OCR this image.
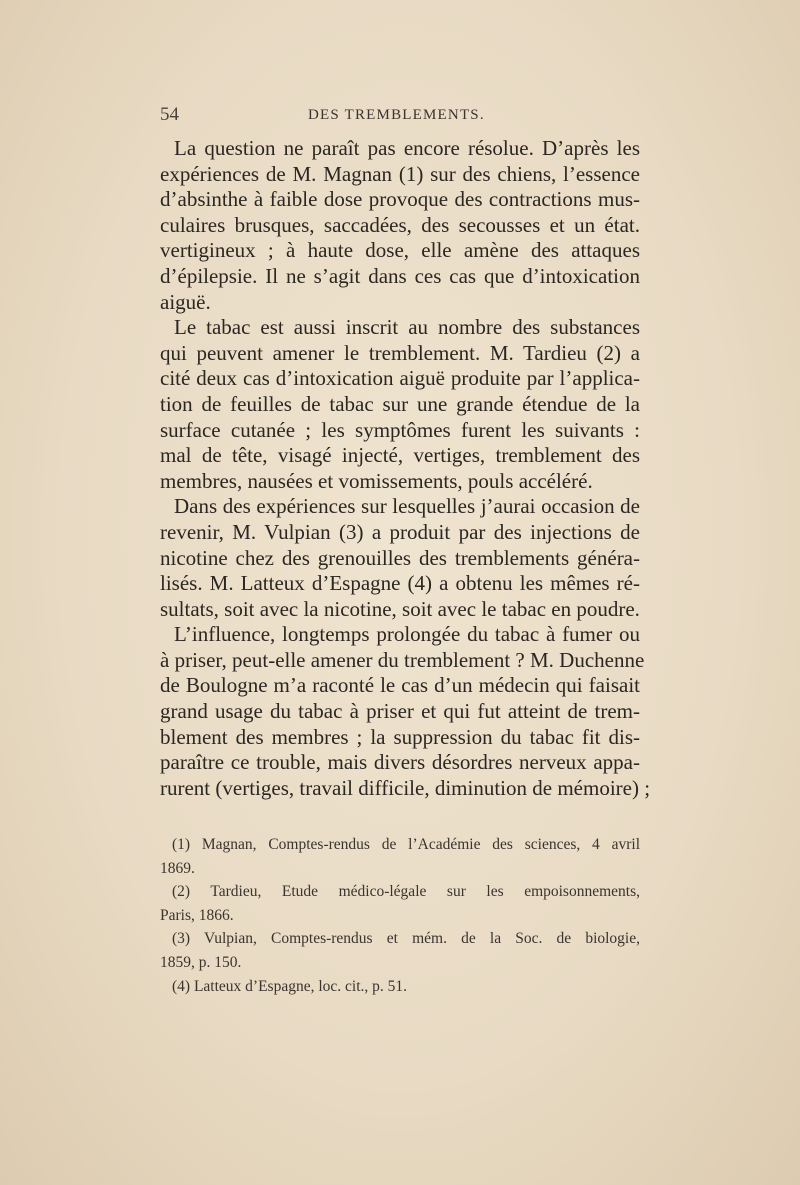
54	DES TREMBLEMENTS.

La question ne paraît pas encore résolue. D’après les
expériences de M. Magnan (1) sur des chiens, l’essence
d’absinthe à faible dose provoque des contractions mus-
culaires brusques, saccadées, des secousses et un état.
vertigineux ; à haute dose, elle amène des attaques
d’épilepsie. Il ne s’agit dans ces cas que d’intoxication
aiguë.

Le tabac est aussi inscrit au nombre des substances
qui peuvent amener le tremblement. M. Tardieu (2) a
cité deux cas d’intoxication aiguë produite par l’applica-
tion de feuilles de tabac sur une grande étendue de la
surface cutanée ; les symptômes furent les suivants :
mal de tête, visagé injecté, vertiges, tremblement des
membres, nausées et vomissements, pouls accéléré.

Dans des expériences sur lesquelles j’aurai occasion de
revenir, M. Vulpian (3) a produit par des injections de
nicotine chez des grenouilles des tremblements généra-
lisés. M. Latteux d’Espagne (4) a obtenu les mêmes ré-
sultats, soit avec la nicotine, soit avec le tabac en poudre.

L’influence, longtemps prolongée du tabac à fumer ou
à priser, peut-elle amener du tremblement ? M. Duchenne
de Boulogne m’a raconté le cas d’un médecin qui faisait
grand usage du tabac à priser et qui fut atteint de trem-
blement des membres ; la suppression du tabac fit dis-
paraître ce trouble, mais divers désordres nerveux appa-
rurent (vertiges, travail difficile, diminution de mémoire) ;

(1) Magnan, Comptes-rendus de l’Académie des sciences, 4 avril
1869.
(2) Tardieu, Etude médico-légale sur les empoisonnements,
Paris, 1866.
(3) Vulpian, Comptes-rendus et mém. de la Soc. de biologie,
1859, p. 150.
(4) Latteux d’Espagne, loc. cit., p. 51.
